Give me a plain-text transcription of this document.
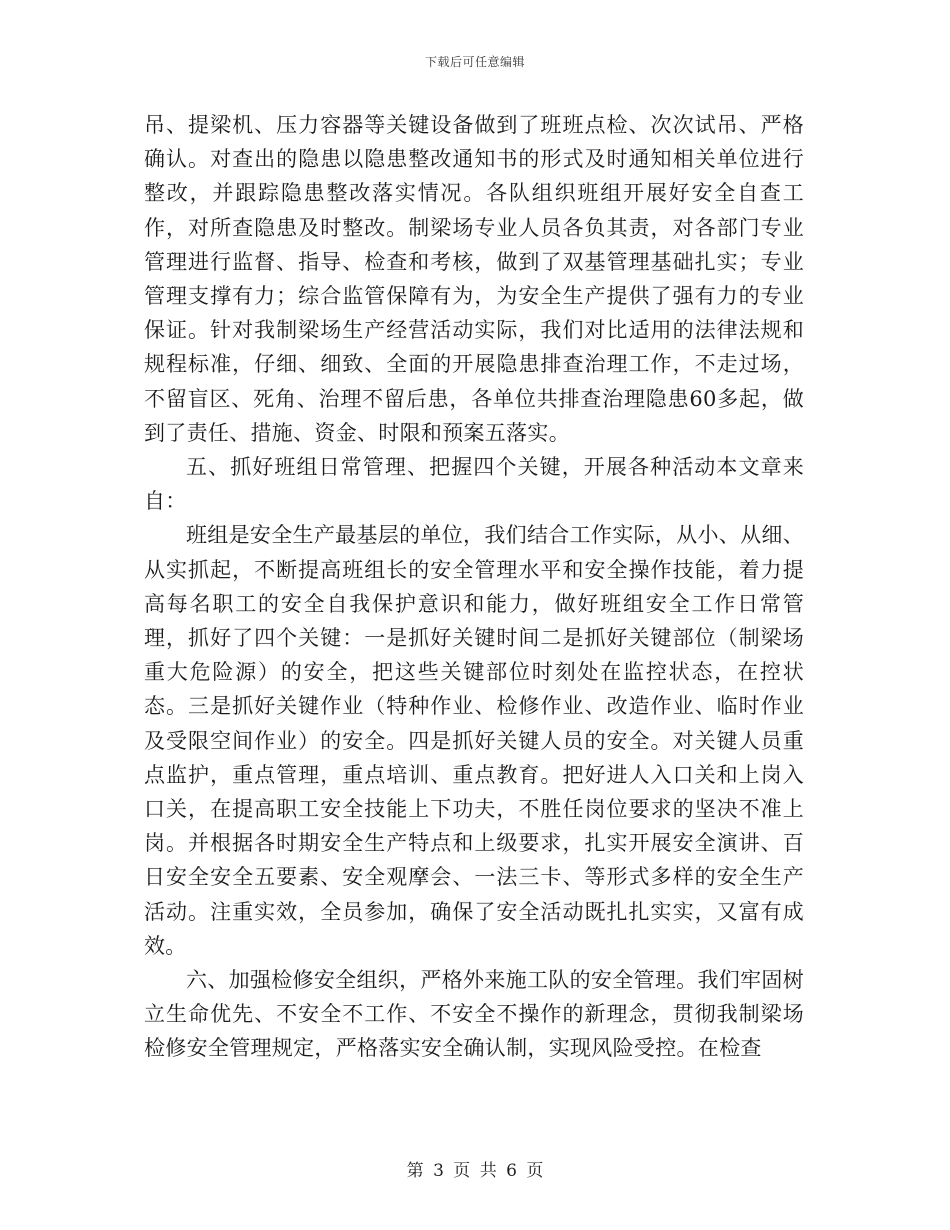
下载后可任意编辑

吊、提梁机、压力容器等关键设备做到了班班点检、次次试吊、严格确认。对查出的隐患以隐患整改通知书的形式及时通知相关单位进行整改，并跟踪隐患整改落实情况。各队组织班组开展好安全自查工作，对所查隐患及时整改。制梁场专业人员各负其责，对各部门专业管理进行监督、指导、检查和考核，做到了双基管理基础扎实；专业管理支撑有力；综合监管保障有为，为安全生产提供了强有力的专业保证。针对我制梁场生产经营活动实际，我们对比适用的法律法规和规程标准，仔细、细致、全面的开展隐患排查治理工作，不走过场，不留盲区、死角、治理不留后患，各单位共排查治理隐患60多起，做到了责任、措施、资金、时限和预案五落实。

五、抓好班组日常管理、把握四个关键，开展各种活动本文章来自：

班组是安全生产最基层的单位，我们结合工作实际，从小、从细、从实抓起，不断提高班组长的安全管理水平和安全操作技能，着力提高每名职工的安全自我保护意识和能力，做好班组安全工作日常管理，抓好了四个关键：一是抓好关键时间二是抓好关键部位（制梁场重大危险源）的安全，把这些关键部位时刻处在监控状态，在控状态。三是抓好关键作业（特种作业、检修作业、改造作业、临时作业及受限空间作业）的安全。四是抓好关键人员的安全。对关键人员重点监护，重点管理，重点培训、重点教育。把好进人入口关和上岗入口关，在提高职工安全技能上下功夫，不胜任岗位要求的坚决不准上岗。并根据各时期安全生产特点和上级要求，扎实开展安全演讲、百日安全安全五要素、安全观摩会、一法三卡、等形式多样的安全生产活动。注重实效，全员参加，确保了安全活动既扎扎实实，又富有成效。

六、加强检修安全组织，严格外来施工队的安全管理。我们牢固树立生命优先、不安全不工作、不安全不操作的新理念，贯彻我制梁场检修安全管理规定，严格落实安全确认制，实现风险受控。在检查

第 3 页 共 6 页
